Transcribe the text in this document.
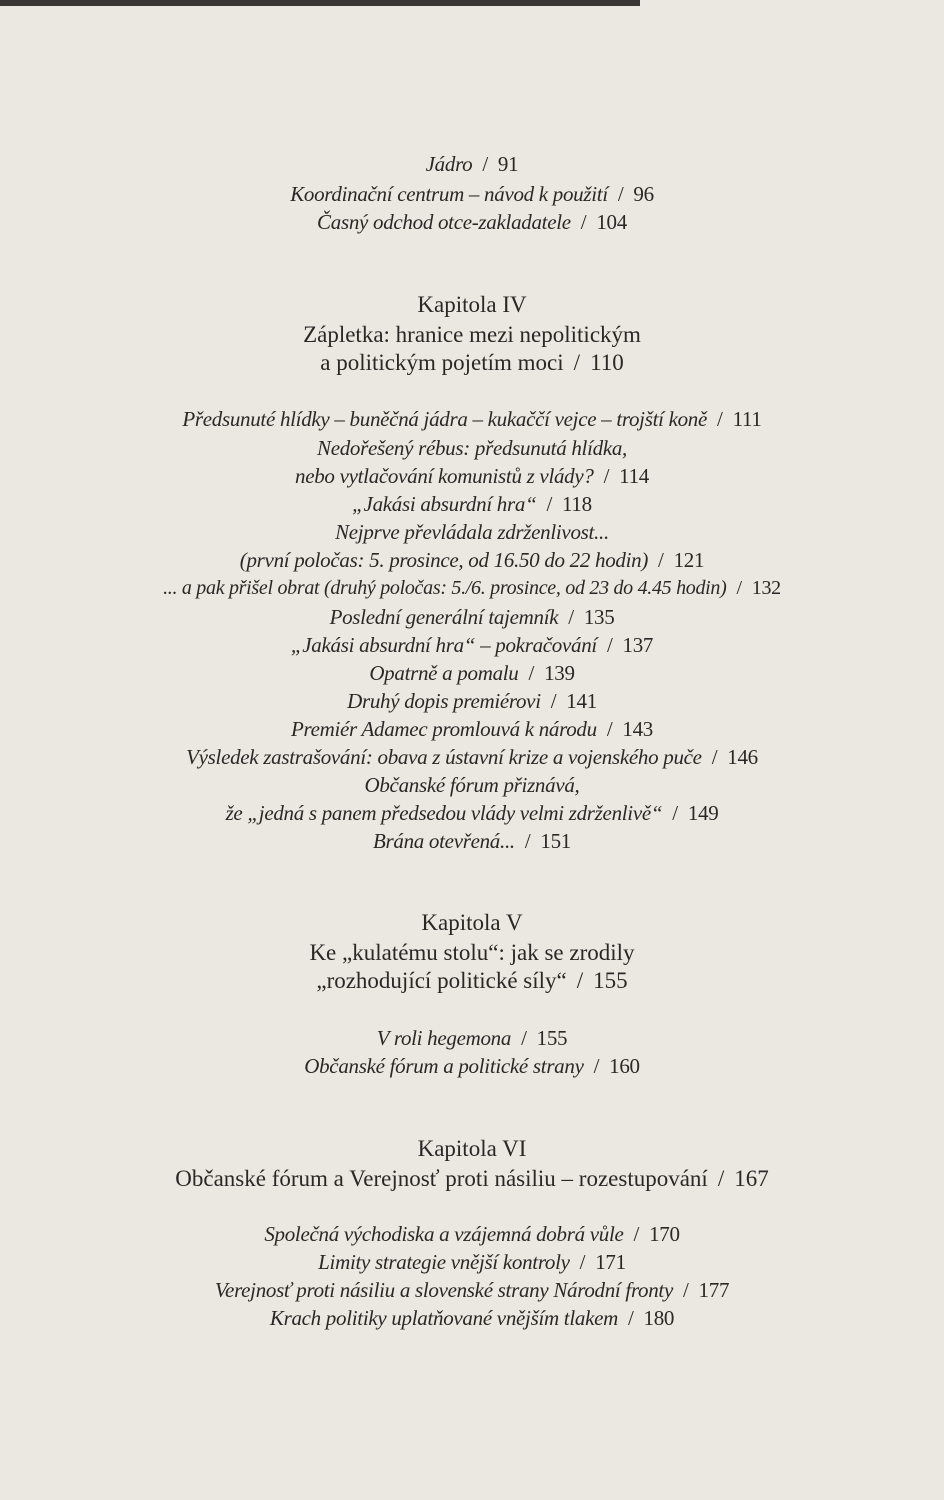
Jádro / 91
Koordinační centrum – návod k použití / 96
Časný odchod otce-zakladatele / 104
Kapitola IV
Zápletka: hranice mezi nepolitickým
a politickým pojetím moci / 110
Předsunuté hlídky – buněčná jádra – kukaččí vejce – trojští koně / 111
Nedořešený rébus: předsunutá hlídka,
nebo vytlačování komunistů z vlády? / 114
„Jakási absurdní hra“ / 118
Nejprve převládala zdrženlivost...
(první poločas: 5. prosince, od 16.50 do 22 hodin) / 121
... a pak přišel obrat (druhý poločas: 5./6. prosince, od 23 do 4.45 hodin) / 132
Poslední generální tajemník / 135
„Jakási absurdní hra“ – pokračování / 137
Opatrně a pomalu / 139
Druhý dopis premiérovi / 141
Premiér Adamec promlouvá k národu / 143
Výsledek zastrašování: obava z ústavní krize a vojenského puče / 146
Občanské fórum přiznává,
že „jedná s panem předsedou vlády velmi zdrženlivě“ / 149
Brána otevřená... / 151
Kapitola V
Ke „kulatému stolu“: jak se zrodily
„rozhodující politické síly“ / 155
V roli hegemona / 155
Občanské fórum a politické strany / 160
Kapitola VI
Občanské fórum a Verejnosť proti násiliu – rozestupování / 167
Společná východiska a vzájemná dobrá vůle / 170
Limity strategie vnější kontroly / 171
Verejnosť proti násiliu a slovenské strany Národní fronty / 177
Krach politiky uplatňované vnějším tlakem / 180
